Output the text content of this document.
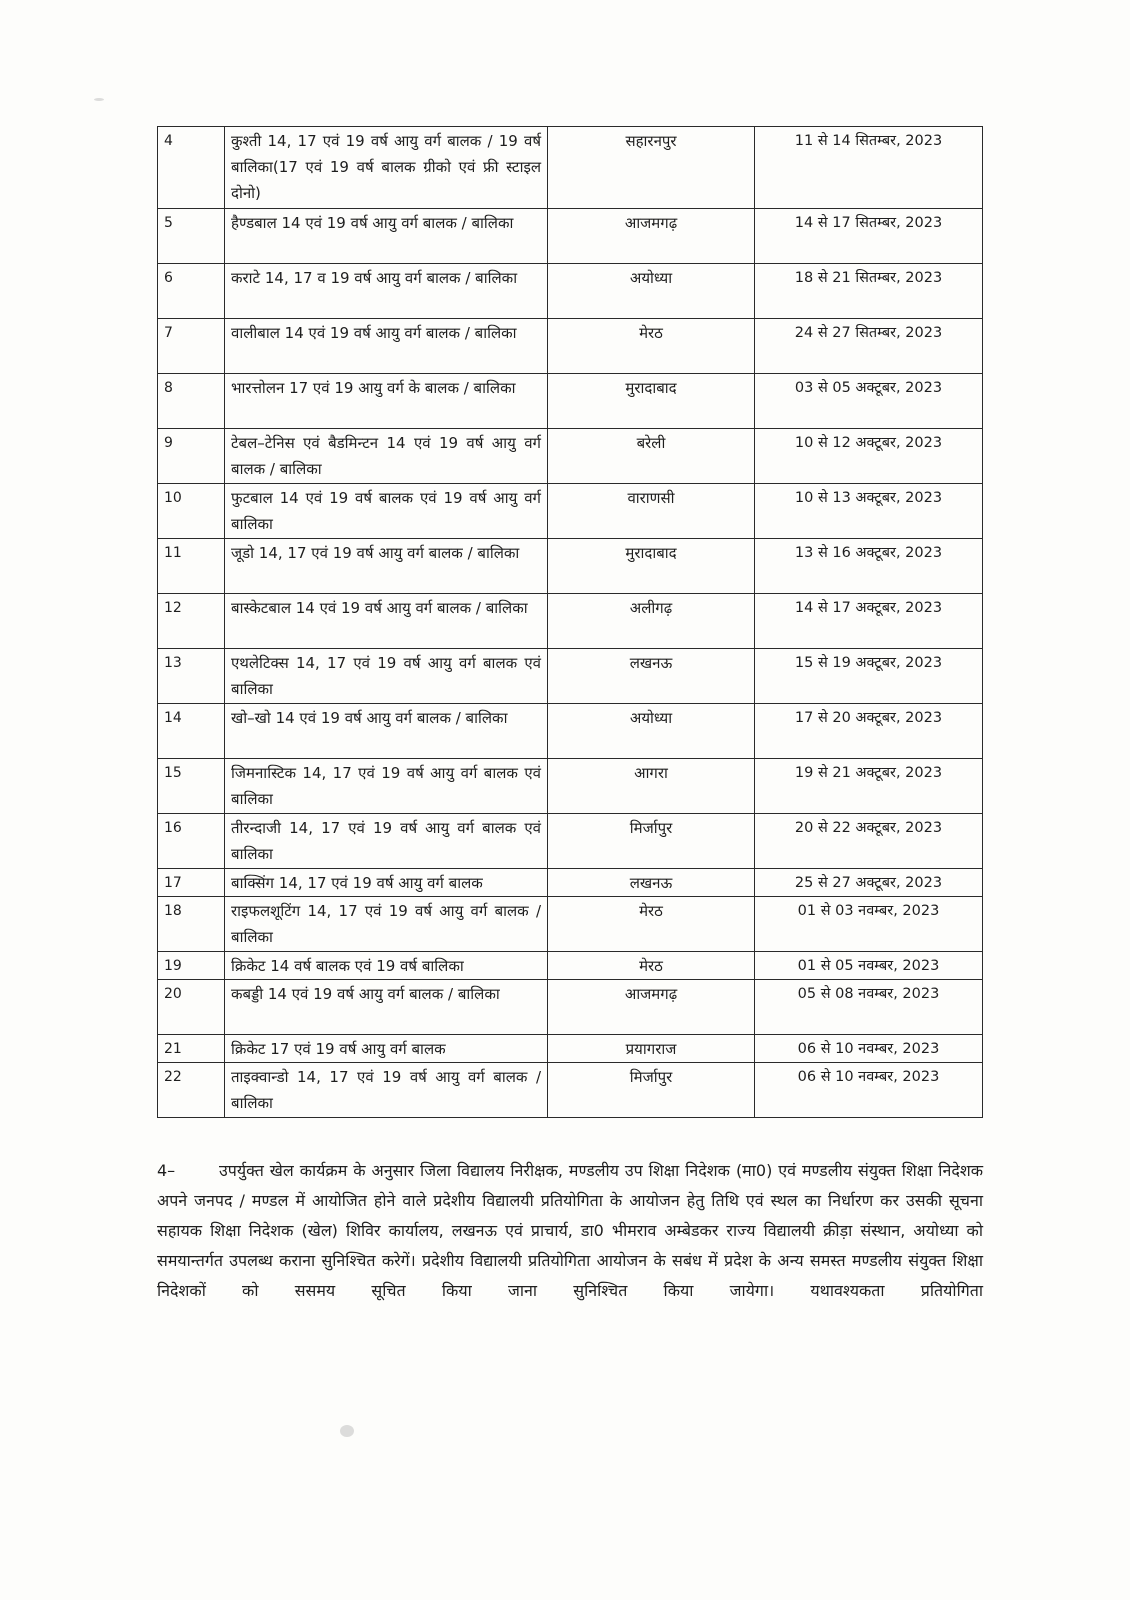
4	कुश्ती 14, 17 एवं 19 वर्ष आयु वर्ग बालक / 19 वर्ष बालिका(17 एवं 19 वर्ष बालक ग्रीको एवं फ्री स्टाइल दोनो)	सहारनपुर	11 से 14 सितम्बर, 2023
5	हैण्डबाल 14 एवं 19 वर्ष आयु वर्ग बालक / बालिका	आजमगढ़	14 से 17 सितम्बर, 2023
6	कराटे 14, 17 व 19 वर्ष आयु वर्ग बालक / बालिका	अयोध्या	18 से 21 सितम्बर, 2023
7	वालीबाल 14 एवं 19 वर्ष आयु वर्ग बालक / बालिका	मेरठ	24 से 27 सितम्बर, 2023
8	भारत्तोलन 17 एवं 19 आयु वर्ग के बालक / बालिका	मुरादाबाद	03 से 05 अक्टूबर, 2023
9	टेबल–टेनिस एवं बैडमिन्टन 14 एवं 19 वर्ष आयु वर्ग बालक / बालिका	बरेली	10 से 12 अक्टूबर, 2023
10	फुटबाल 14 एवं 19 वर्ष बालक एवं 19 वर्ष आयु वर्ग बालिका	वाराणसी	10 से 13 अक्टूबर, 2023
11	जूडो 14, 17 एवं 19 वर्ष आयु वर्ग बालक / बालिका	मुरादाबाद	13 से 16 अक्टूबर, 2023
12	बास्केटबाल 14 एवं 19 वर्ष आयु वर्ग बालक / बालिका	अलीगढ़	14 से 17 अक्टूबर, 2023
13	एथलेटिक्स 14, 17 एवं 19 वर्ष आयु वर्ग बालक एवं बालिका	लखनऊ	15 से 19 अक्टूबर, 2023
14	खो–खो 14 एवं 19 वर्ष आयु वर्ग बालक / बालिका	अयोध्या	17 से 20 अक्टूबर, 2023
15	जिमनास्टिक 14, 17 एवं 19 वर्ष आयु वर्ग बालक एवं बालिका	आगरा	19 से 21 अक्टूबर, 2023
16	तीरन्दाजी 14, 17 एवं 19 वर्ष आयु वर्ग बालक एवं बालिका	मिर्जापुर	20 से 22 अक्टूबर, 2023
17	बाक्सिंग 14, 17 एवं 19 वर्ष आयु वर्ग बालक	लखनऊ	25 से 27 अक्टूबर, 2023
18	राइफलशूटिंग 14, 17 एवं 19 वर्ष आयु वर्ग बालक / बालिका	मेरठ	01 से 03 नवम्बर, 2023
19	क्रिकेट 14 वर्ष बालक एवं 19 वर्ष बालिका	मेरठ	01 से 05 नवम्बर, 2023
20	कबड्डी 14 एवं 19 वर्ष आयु वर्ग बालक / बालिका	आजमगढ़	05 से 08 नवम्बर, 2023
21	क्रिकेट 17 एवं 19 वर्ष आयु वर्ग बालक	प्रयागराज	06 से 10 नवम्बर, 2023
22	ताइक्वान्डो 14, 17 एवं 19 वर्ष आयु वर्ग बालक / बालिका	मिर्जापुर	06 से 10 नवम्बर, 2023

4–	उपर्युक्त खेल कार्यक्रम के अनुसार जिला विद्यालय निरीक्षक, मण्डलीय उप शिक्षा निदेशक (मा0) एवं मण्डलीय संयुक्त शिक्षा निदेशक अपने जनपद / मण्डल में आयोजित होने वाले प्रदेशीय विद्यालयी प्रतियोगिता के आयोजन हेतु तिथि एवं स्थल का निर्धारण कर उसकी सूचना सहायक शिक्षा निदेशक (खेल) शिविर कार्यालय, लखनऊ एवं प्राचार्य, डा0 भीमराव अम्बेडकर राज्य विद्यालयी क्रीड़ा संस्थान, अयोध्या को समयान्तर्गत उपलब्ध कराना सुनिश्चित करेगें। प्रदेशीय विद्यालयी प्रतियोगिता आयोजन के सबंध में प्रदेश के अन्य समस्त मण्डलीय संयुक्त शिक्षा निदेशकों को ससमय सूचित किया जाना सुनिश्चित किया जायेगा। यथावश्यकता प्रतियोगिता
